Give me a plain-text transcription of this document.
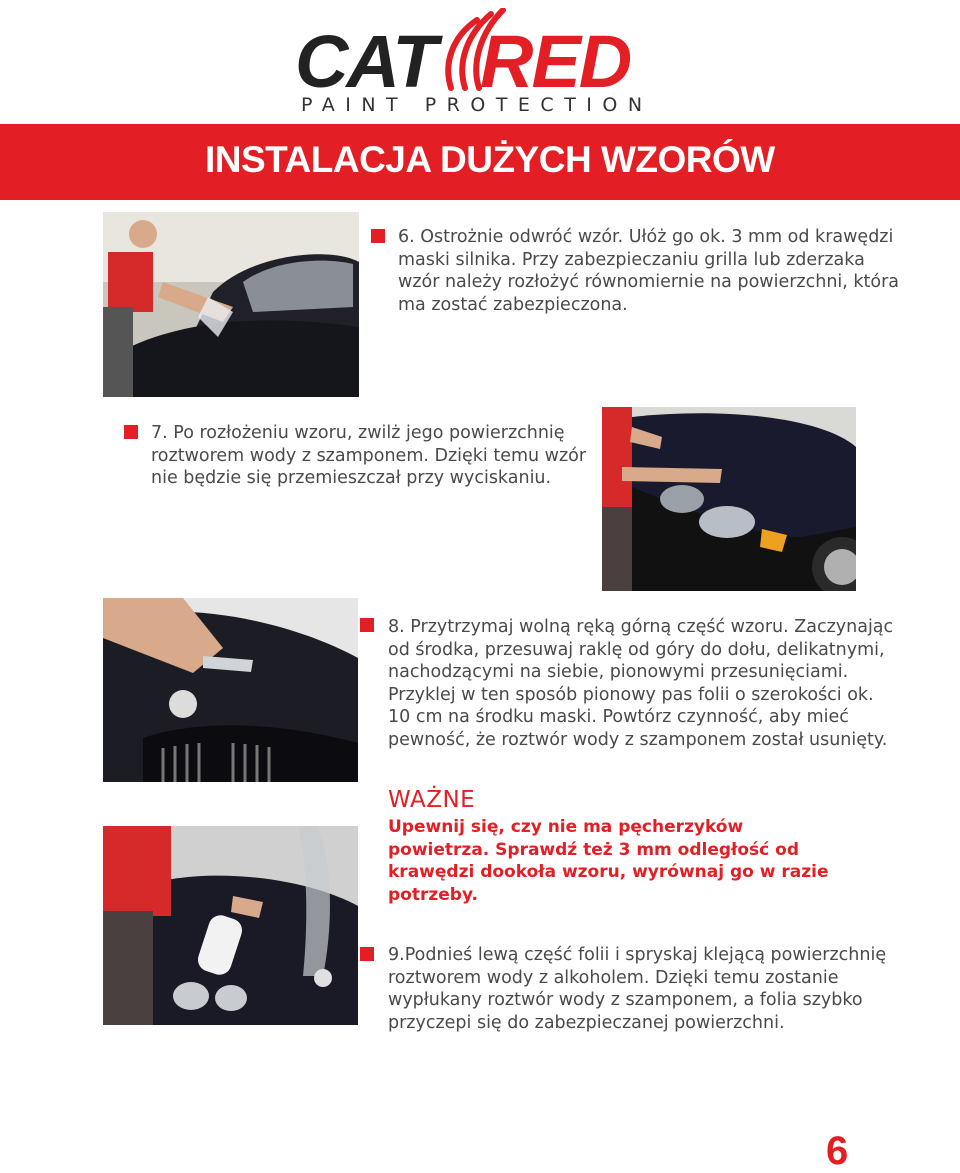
CAT RED
PAINT PROTECTION
INSTALACJA DUŻYCH WZORÓW
6. Ostrożnie odwróć wzór. Ułóż go ok. 3 mm od krawędzi maski silnika. Przy zabezpieczaniu grilla lub zderzaka wzór należy rozłożyć równomiernie na powierzchni, która ma zostać zabezpieczona.
7. Po rozłożeniu wzoru, zwilż jego powierzchnię roztworem wody z szamponem. Dzięki temu wzór nie będzie się przemieszczał przy wyciskaniu.
8. Przytrzymaj wolną ręką górną część wzoru. Zaczynając od środka, przesuwaj raklę od góry do dołu, delikatnymi, nachodzącymi na siebie, pionowymi przesunięciami. Przyklej w ten sposób pionowy pas folii o szerokości ok. 10 cm na środku maski. Powtórz czynność, aby mieć pewność, że roztwór wody z szamponem został usunięty.
WAŻNE
Upewnij się, czy nie ma pęcherzyków powietrza. Sprawdź też 3 mm odległość od krawędzi dookoła wzoru, wyrównaj go w razie potrzeby.
9.Podnieś lewą część folii i spryskaj klejącą powierzchnię roztworem wody z alkoholem. Dzięki temu zostanie wypłukany roztwór wody z szamponem, a folia szybko przyczepi się do zabezpieczanej powierzchni.
6
